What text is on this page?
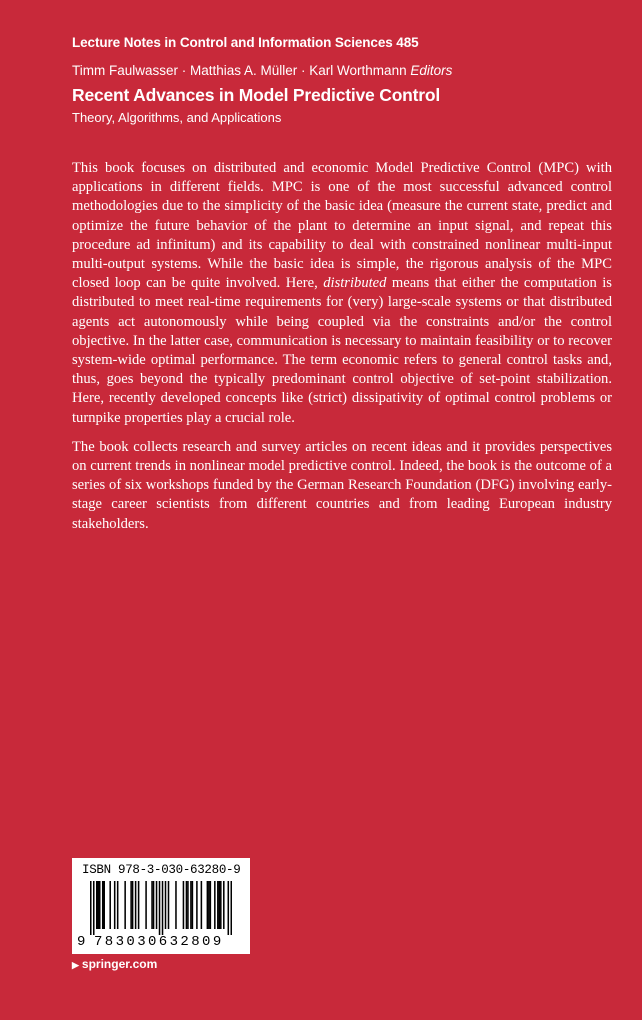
Lecture Notes in Control and Information Sciences 485
Timm Faulwasser · Matthias A. Müller · Karl Worthmann Editors
Recent Advances in Model Predictive Control
Theory, Algorithms, and Applications

This book focuses on distributed and economic Model Predictive Control (MPC) with applications in different fields. MPC is one of the most successful advanced control methodologies due to the simplicity of the basic idea (measure the current state, predict and optimize the future behavior of the plant to determine an input signal, and repeat this procedure ad infinitum) and its capability to deal with constrained nonlinear multi-input multi-output systems. While the basic idea is simple, the rigorous analysis of the MPC closed loop can be quite involved. Here, distributed means that either the computation is distributed to meet real-time requirements for (very) large-scale systems or that distributed agents act autonomously while being coupled via the constraints and/or the control objective. In the latter case, communication is necessary to maintain feasibility or to recover system-wide optimal performance. The term economic refers to general control tasks and, thus, goes beyond the typically predominant control objective of set-point stabilization. Here, recently developed concepts like (strict) dissipativity of optimal control problems or turnpike properties play a crucial role.

The book collects research and survey articles on recent ideas and it provides perspectives on current trends in nonlinear model predictive control. Indeed, the book is the outcome of a series of six workshops funded by the German Research Foundation (DFG) involving early-stage career scientists from different countries and from leading European industry stakeholders.

ISBN 978-3-030-63280-9
9 783030632809
▶ springer.com
